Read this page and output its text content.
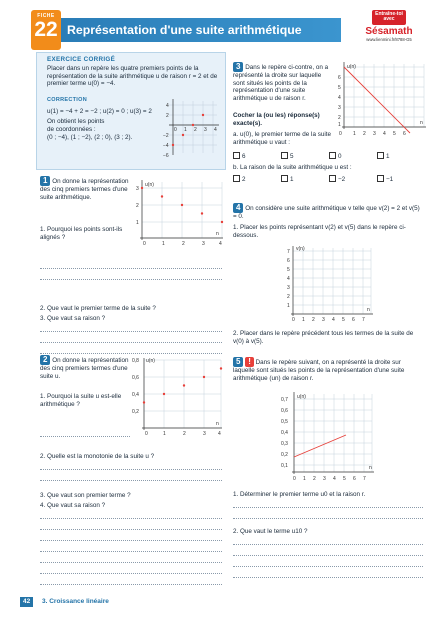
FICHE
22 Représentation d'une suite arithmétique
Entraîne-toi
avec
Sésamath
www.lienmini.fr/8788-G5
EXERCICE CORRIGÉ
Placer dans un repère les quatre premiers points de la représentation de la suite arithmétique u de raison r = 2 et de premier terme u(0) = −4.
CORRECTION
u(1) = −4 + 2 = −2 ; u(2) = 0 ; u(3) = 2
On obtient les points
de coordonnées :
(0 ; −4), (1 ; −2), (2 ; 0), (3 ; 2).
4
2
−2
−4
−6
0 1 2 3 4
1 On donne la représentation des cinq premiers termes d'une suite arithmétique.
1. Pourquoi les points sont-ils alignés ?
u(n)
n
3
2
1
0	1	2	3	4
2. Que vaut le premier terme de la suite ?
3. Que vaut sa raison ?
2 On donne la représentation des cinq premiers termes d'une suite u.
1. Pourquoi la suite u est-elle arithmétique ?
u(n)
n
0,8
0,6
0,4
0,2
0	1	2	3 4
2. Quelle est la monotonie de la suite u ?
3. Que vaut son premier terme ?
4. Que vaut sa raison ?
3 Dans le repère ci-contre, on a représenté la droite sur laquelle sont situés les points de la représentation d'une suite arithmétique u de raison r.
Cocher la (ou les) réponse(s) exacte(s).
a. u(0), le premier terme de la suite arithmétique u vaut :
6	5	0	1
b. La raison de la suite arithmétique u est :
2	1	−2	−1
u(n)
n
6
5
4
3
2
1
0 1 2 3 4 5 6
4 On considère une suite arithmétique v telle que v(2) = 2 et v(5) = 0.
1. Placer les points représentant v(2) et v(5) dans le repère ci-dessous.
v(n)
n
7
6
5
4
3
2
1
0 1 2 3 4 5 6 7
2. Placer dans le repère précédent tous les termes de la suite de v(0) à v(5).
5 ! Dans le repère suivant, on a représenté la droite sur laquelle sont situés les points de la représentation d'une suite arithmétique (un) de raison r.
u(n)
n
0,7
0,6
0,5
0,4
0,3
0,2
0,1
0 1 2 3 4 5 6 7
1. Déterminer le premier terme u0 et la raison r.
2. Que vaut le terme u10 ?
42	3. Croissance linéaire
